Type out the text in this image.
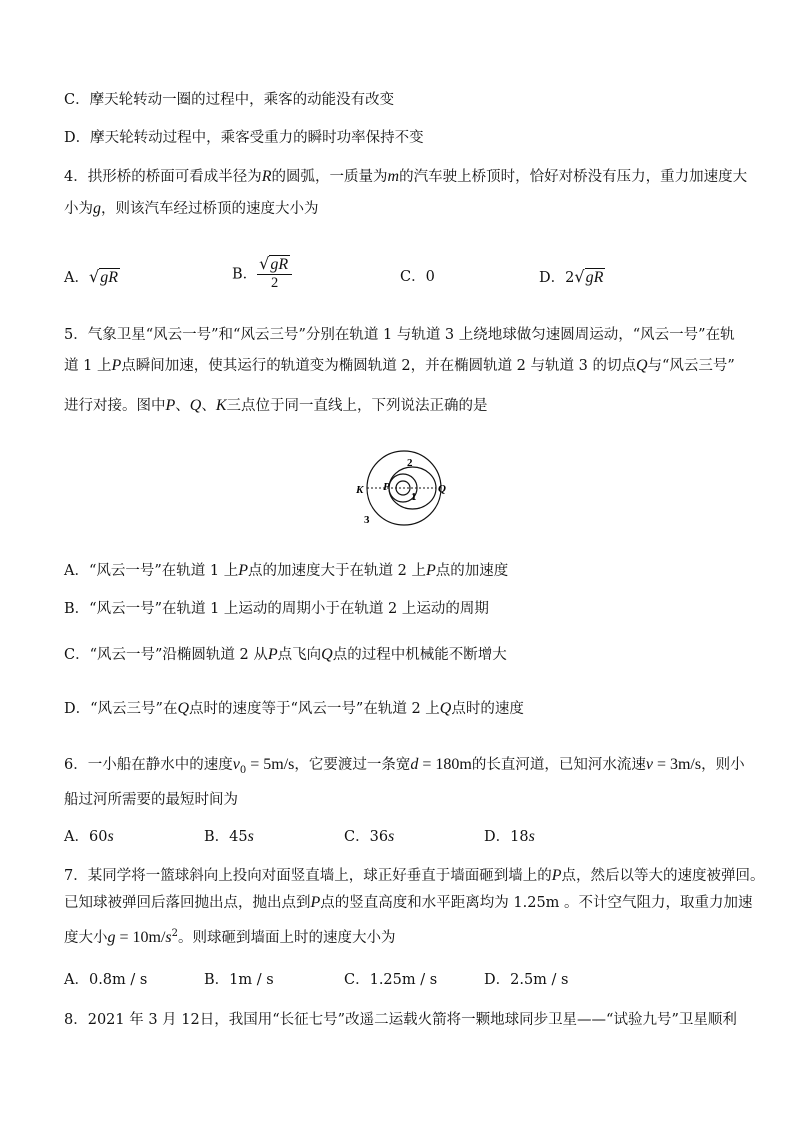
C．摩天轮转动一圈的过程中，乘客的动能没有改变
D．摩天轮转动过程中，乘客受重力的瞬时功率保持不变
4．拱形桥的桥面可看成半径为R的圆弧，一质量为m的汽车驶上桥顶时，恰好对桥没有压力，重力加速度大
小为g，则该汽车经过桥顶的速度大小为
A．√gR	B． $\frac{√gR}{2}$	C．0	D．2√gR
5．气象卫星“风云一号”和“风云三号”分别在轨道 1 与轨道 3 上绕地球做匀速圆周运动，“风云一号”在轨
道 1 上P点瞬间加速，使其运行的轨道变为椭圆轨道 2，并在椭圆轨道 2 与轨道 3 的切点Q与“风云三号”
进行对接。图中P、Q、K三点位于同一直线上，下列说法正确的是
K P	Q
1
2
3
A．“风云一号”在轨道 1 上P点的加速度大于在轨道 2 上P点的加速度
B．“风云一号”在轨道 1 上运动的周期小于在轨道 2 上运动的周期
C．“风云一号”沿椭圆轨道 2 从P点飞向Q点的过程中机械能不断增大
D．“风云三号”在Q点时的速度等于“风云一号”在轨道 2 上Q点时的速度
6．一小船在静水中的速度$v_0 = 5m/s$，它要渡过一条宽d = 180m的长直河道，已知河水流速v = 3m/s，则小
船过河所需要的最短时间为
A．60s	B．45s	C．36s	D．18s
7．某同学将一篮球斜向上投向对面竖直墙上，球正好垂直于墙面砸到墙上的P点，然后以等大的速度被弹回。
已知球被弹回后落回抛出点，抛出点到P点的竖直高度和水平距离均为 1.25m 。不计空气阻力，取重力加速
度大小$g = 10m/s^2$。则球砸到墙面上时的速度大小为
A．0.8m / s	B．1m / s	C．1.25m / s	D．2.5m / s
8．2021 年 3 月 12日，我国用“长征七号”改遥二运载火箭将一颗地球同步卫星——“试验九号”卫星顺利
